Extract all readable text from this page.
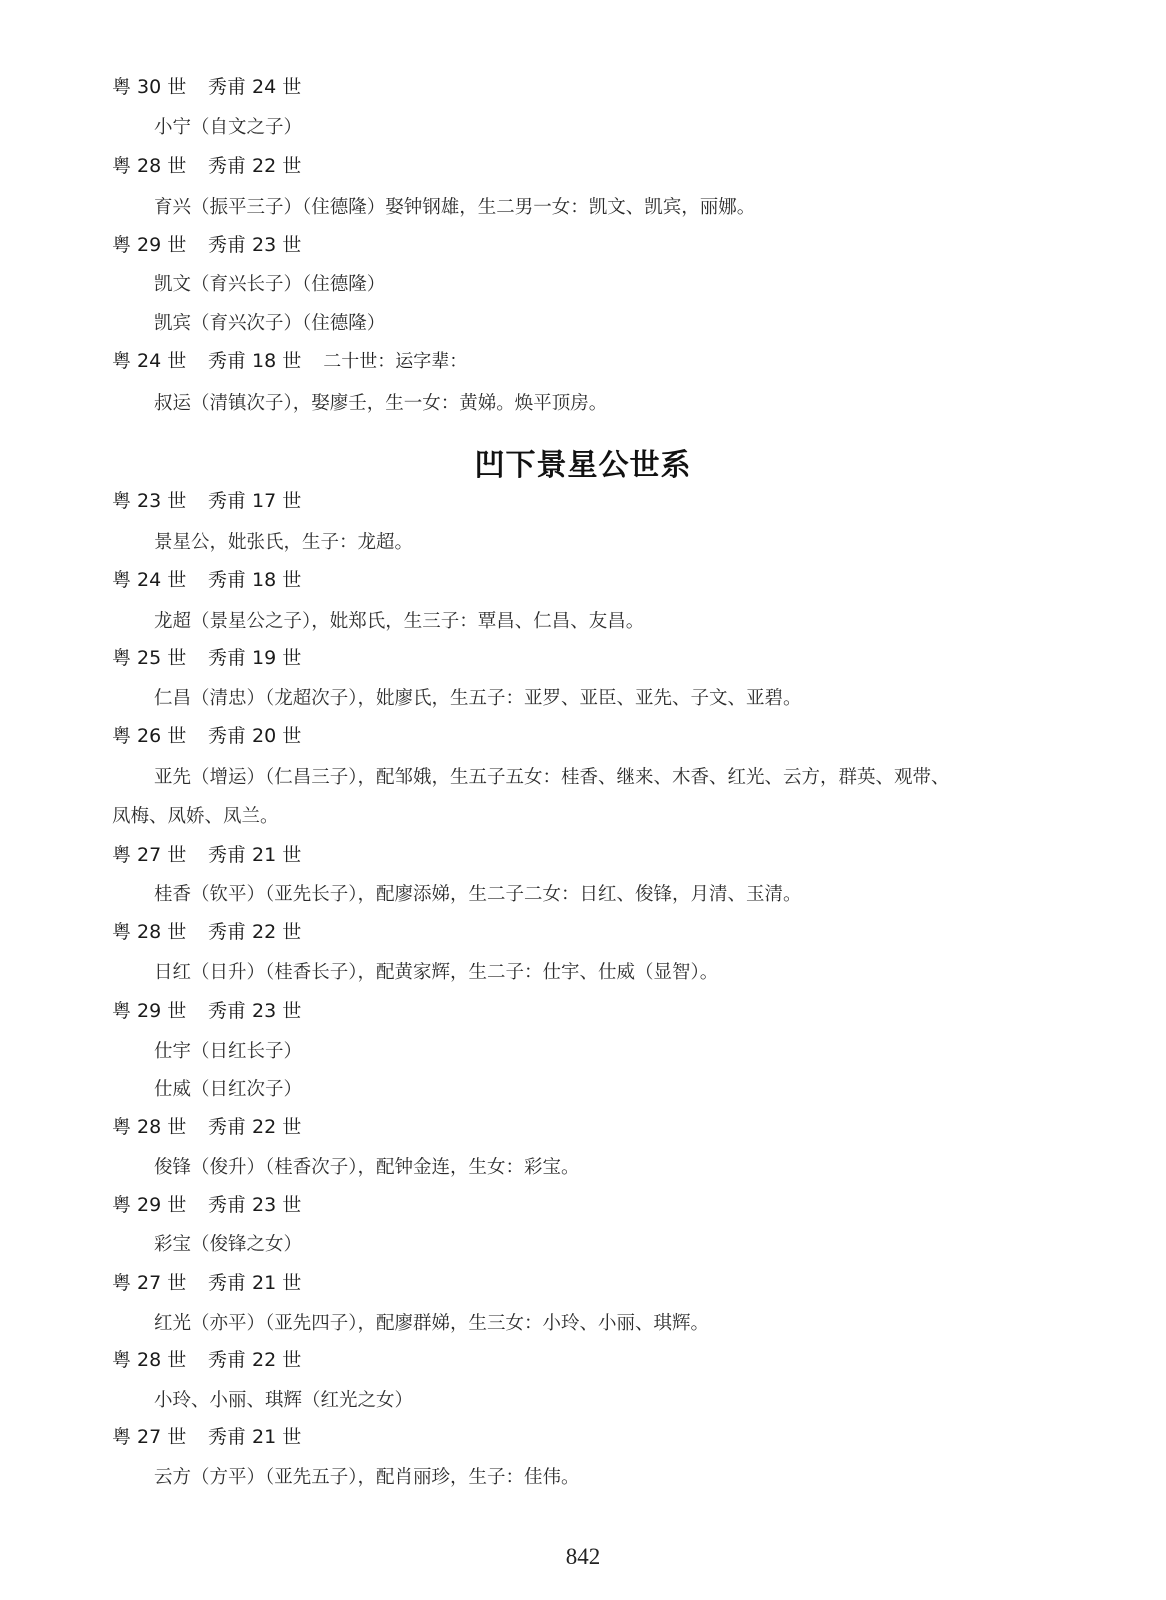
凹下景星公世系
粤 30 世 秀甫 24 世
小宁（自文之子）
粤 28 世 秀甫 22 世
育兴（振平三子）（住德隆）娶钟钢雄，生二男一女：凯文、凯宾，丽娜。
粤 29 世 秀甫 23 世
凯文（育兴长子）（住德隆）
凯宾（育兴次子）（住德隆）
粤 24 世 秀甫 18 世 二十世：运字辈：
叔运（清镇次子），娶廖壬，生一女：黄娣。焕平顶房。
粤 23 世 秀甫 17 世
景星公，妣张氏，生子：龙超。
粤 24 世 秀甫 18 世
龙超（景星公之子），妣郑氏，生三子：覃昌、仁昌、友昌。
粤 25 世 秀甫 19 世
仁昌（清忠）（龙超次子），妣廖氏，生五子：亚罗、亚臣、亚先、子文、亚碧。
粤 26 世 秀甫 20 世
亚先（增运）（仁昌三子），配邹娥，生五子五女：桂香、继来、木香、红光、云方，群英、观带、
凤梅、凤娇、凤兰。
粤 27 世 秀甫 21 世
桂香（钦平）（亚先长子），配廖添娣，生二子二女：日红、俊锋，月清、玉清。
粤 28 世 秀甫 22 世
日红（日升）（桂香长子），配黄家辉，生二子：仕宇、仕威（显智）。
粤 29 世 秀甫 23 世
仕宇（日红长子）
仕威（日红次子）
粤 28 世 秀甫 22 世
俊锋（俊升）（桂香次子），配钟金连，生女：彩宝。
粤 29 世 秀甫 23 世
彩宝（俊锋之女）
粤 27 世 秀甫 21 世
红光（亦平）（亚先四子），配廖群娣，生三女：小玲、小丽、琪辉。
粤 28 世 秀甫 22 世
小玲、小丽、琪辉（红光之女）
粤 27 世 秀甫 21 世
云方（方平）（亚先五子），配肖丽珍，生子：佳伟。
842
